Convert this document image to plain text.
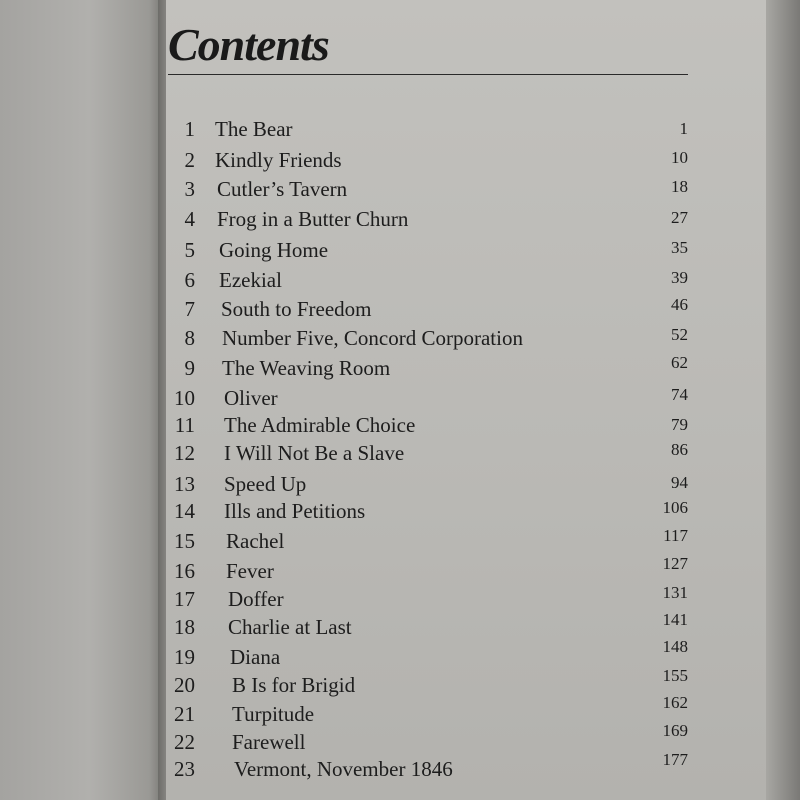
Contents
1 The Bear	1
2 Kindly Friends	10
3 Cutler’s Tavern	18
4 Frog in a Butter Churn	27
5 Going Home	35
6 Ezekial	39
7 South to Freedom	46
8 Number Five, Concord Corporation	52
9 The Weaving Room	62
10 Oliver	74
11 The Admirable Choice	79
12 I Will Not Be a Slave	86
13 Speed Up	94
14 Ills and Petitions	106
15 Rachel	117
16 Fever	127
17 Doffer	131
18 Charlie at Last	141
19 Diana	148
20 B Is for Brigid	155
21 Turpitude	162
22 Farewell	169
23 Vermont, November 1846	177
